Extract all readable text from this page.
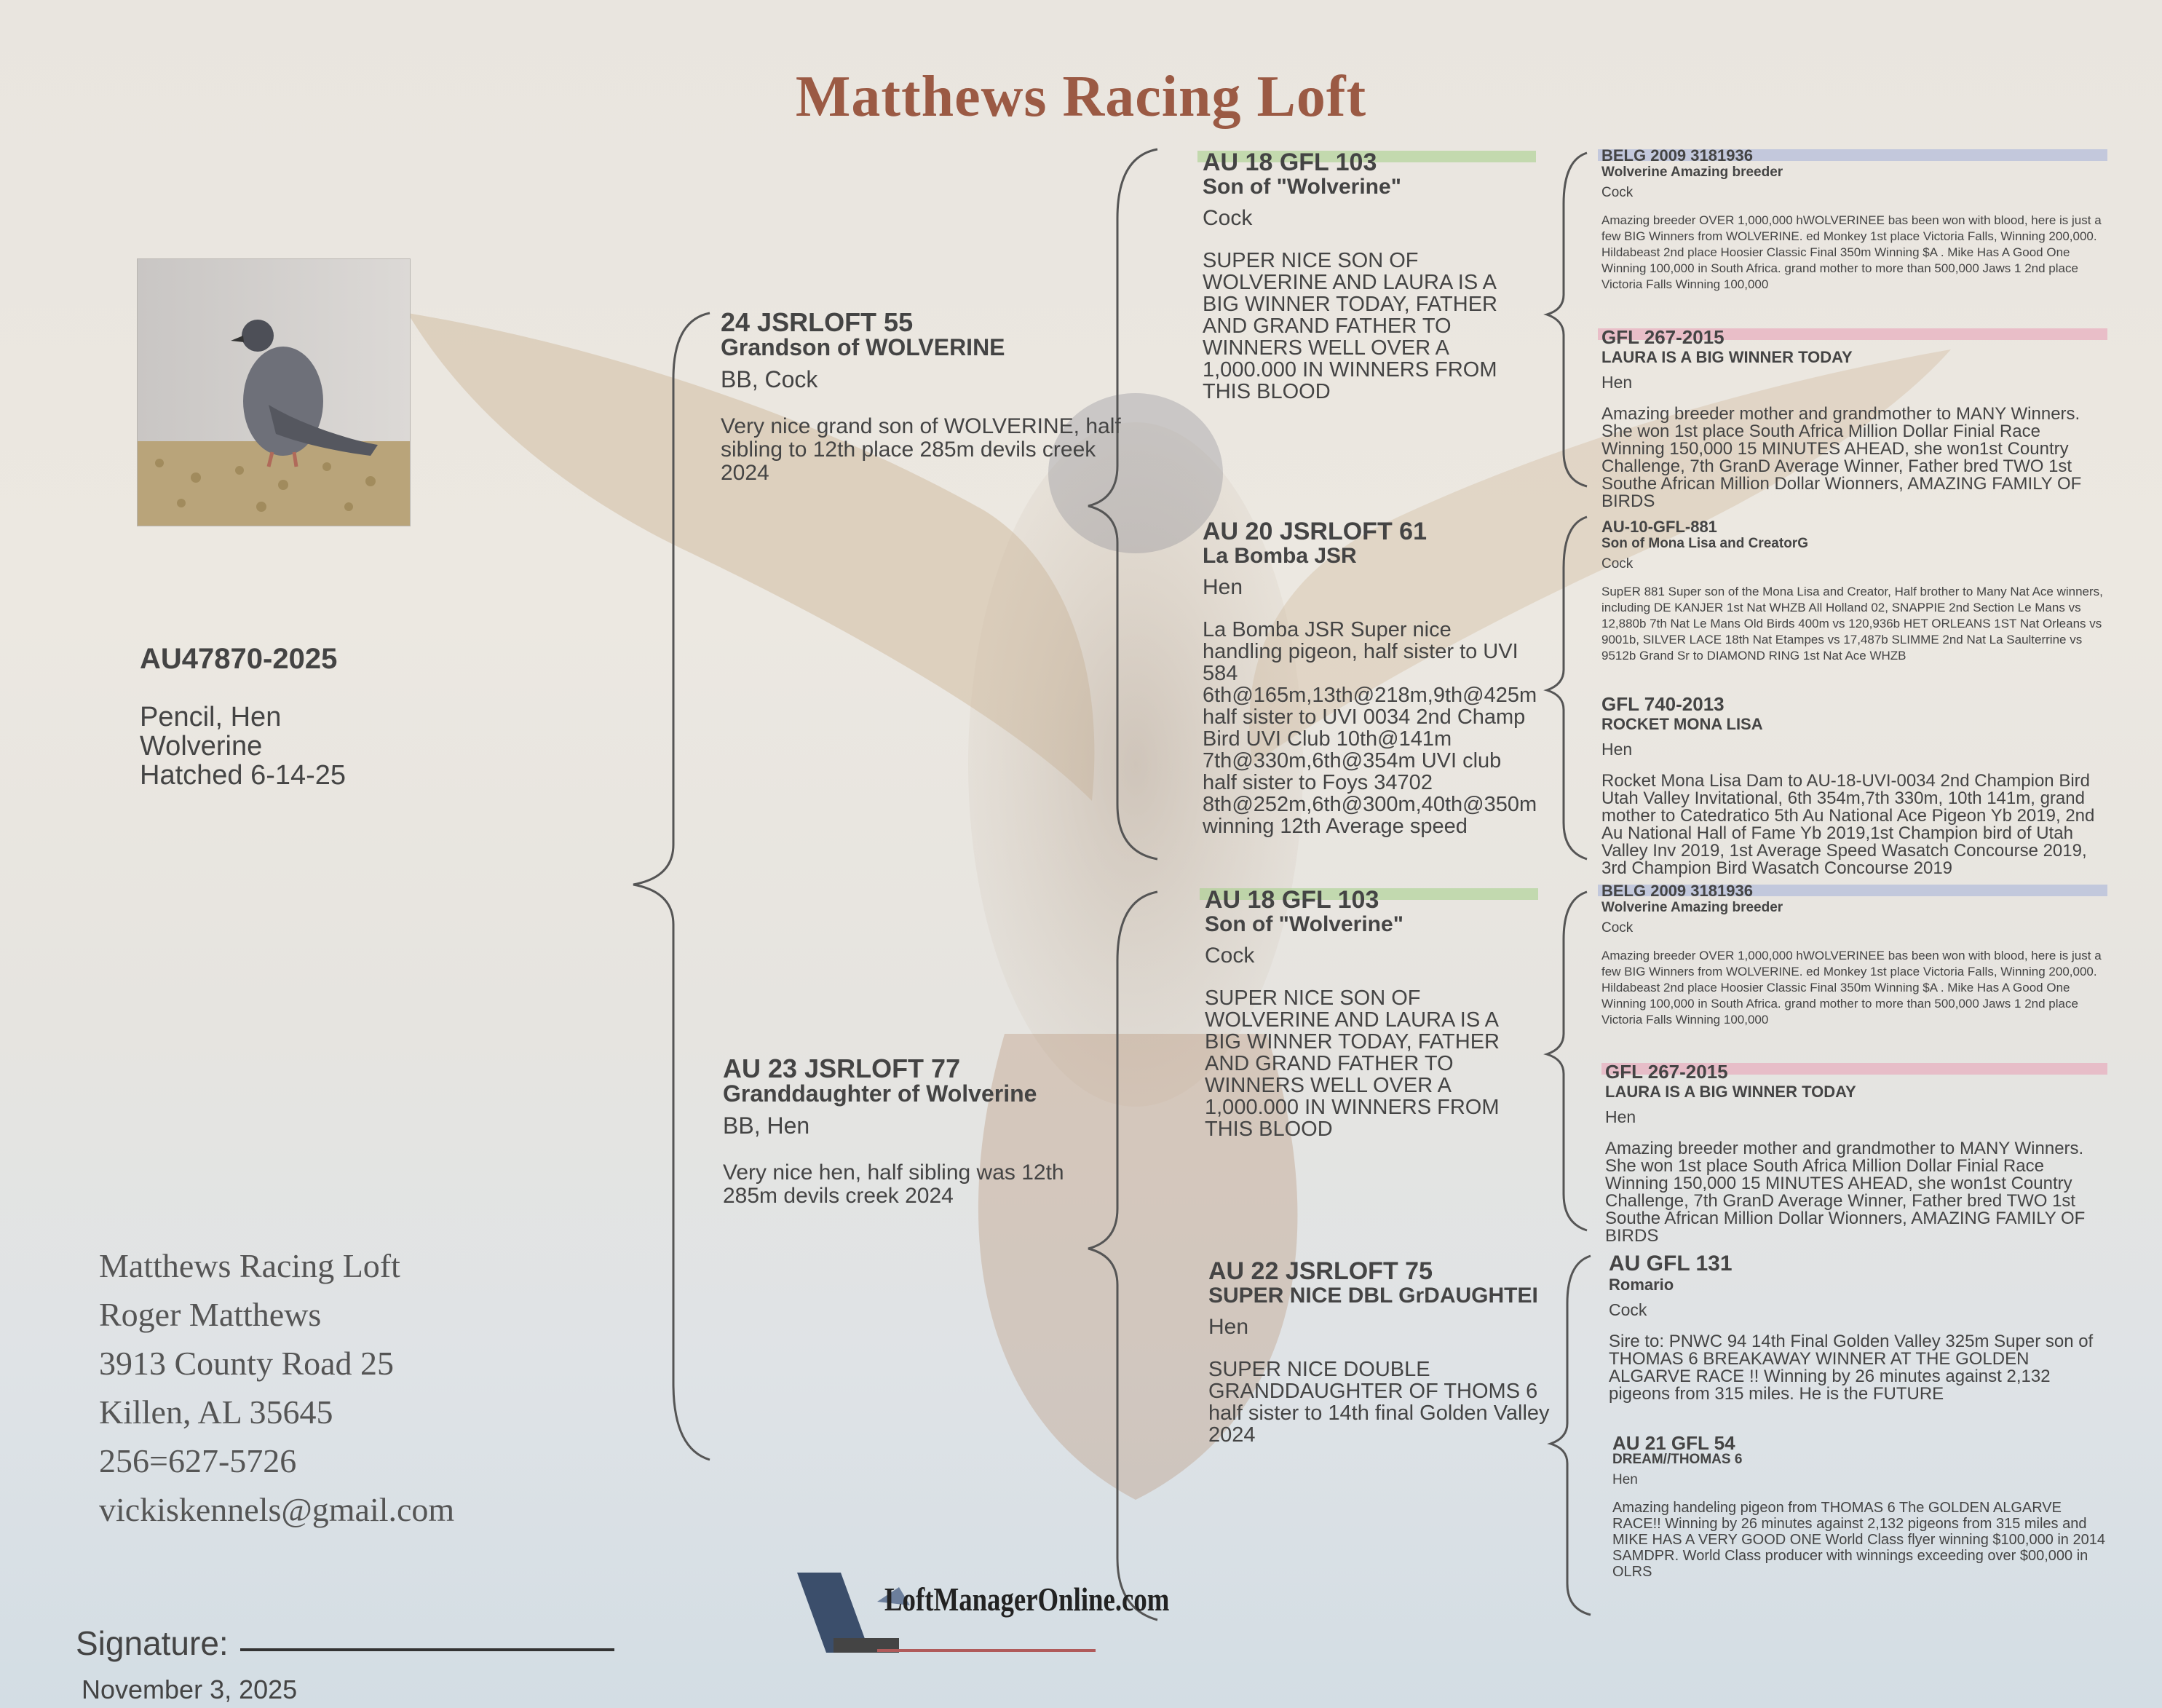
Matthews Racing Loft
AU47870-2025
Pencil, Hen
Wolverine
Hatched 6-14-25
24 JSRLOFT 55
Grandson of WOLVERINE
BB, Cock
Very nice grand son of WOLVERINE, half sibling to 12th place 285m devils creek 2024
AU 23 JSRLOFT 77
Granddaughter of Wolverine
BB, Hen
Very nice hen, half sibling was 12th 285m devils creek 2024
AU 18 GFL 103
Son of "Wolverine"
Cock
SUPER NICE SON OF WOLVERINE AND LAURA IS A BIG WINNER TODAY, FATHER AND GRAND FATHER TO WINNERS WELL OVER A 1,000.000 IN WINNERS FROM THIS BLOOD
AU 20 JSRLOFT 61
La Bomba JSR
Hen
La Bomba JSR Super nice handling pigeon, half sister to UVI 584 6th@165m,13th@218m,9th@425m half sister to UVI 0034 2nd Champ Bird UVI Club 10th@141m 7th@330m,6th@354m UVI club half sister to Foys 34702 8th@252m,6th@300m,40th@350m winning 12th Average speed
AU 18 GFL 103
Son of "Wolverine"
Cock
SUPER NICE SON OF WOLVERINE AND LAURA IS A BIG WINNER TODAY, FATHER AND GRAND FATHER TO WINNERS WELL OVER A 1,000.000 IN WINNERS FROM THIS BLOOD
AU 22 JSRLOFT 75
SUPER NICE DBL GrDAUGHTEI
Hen
SUPER NICE DOUBLE GRANDDAUGHTER OF THOMS 6 half sister to 14th final Golden Valley 2024
BELG 2009 3181936
Wolverine Amazing breeder
Cock
Amazing breeder OVER 1,000,000 hWOLVERINEE bas been won with blood, here is just a few BIG Winners from WOLVERINE. ed Monkey 1st place Victoria Falls, Winning 200,000. Hildabeast 2nd place Hoosier Classic Final 350m Winning $A . Mike Has A Good One Winning 100,000 in South Africa. grand mother to more than 500,000 Jaws 1 2nd place Victoria Falls Winning 100,000
GFL 267-2015
LAURA IS A BIG WINNER TODAY
Hen
Amazing breeder mother and grandmother to MANY Winners. She won 1st place South Africa Million Dollar Finial Race Winning 150,000 15 MINUTES AHEAD, she won1st Country Challenge, 7th GranD Average Winner, Father bred TWO 1st Southe African Million Dollar Wionners, AMAZING FAMILY OF BIRDS
AU-10-GFL-881
Son of Mona Lisa and CreatorG
Cock
SupER 881 Super son of the Mona Lisa and Creator, Half brother to Many Nat Ace winners, including DE KANJER 1st Nat WHZB All Holland 02, SNAPPIE 2nd Section Le Mans vs 12,880b 7th Nat Le Mans Old Birds 400m vs 120,936b HET ORLEANS 1ST Nat Orleans vs 9001b, SILVER LACE 18th Nat Etampes vs 17,487b SLIMME 2nd Nat La Saulterrine vs 9512b Grand Sr to DIAMOND RING 1st Nat Ace WHZB
GFL 740-2013
ROCKET MONA LISA
Hen
Rocket Mona Lisa Dam to AU-18-UVI-0034 2nd Champion Bird Utah Valley Invitational, 6th 354m,7th 330m, 10th 141m, grand mother to Catedratico 5th Au National Ace Pigeon Yb 2019, 2nd Au National Hall of Fame Yb 2019,1st Champion bird of Utah Valley Inv 2019, 1st Average Speed Wasatch Concourse 2019, 3rd Champion Bird Wasatch Concourse 2019
BELG 2009 3181936
Wolverine Amazing breeder
Cock
Amazing breeder OVER 1,000,000 hWOLVERINEE bas been won with blood, here is just a few BIG Winners from WOLVERINE. ed Monkey 1st place Victoria Falls, Winning 200,000. Hildabeast 2nd place Hoosier Classic Final 350m Winning $A . Mike Has A Good One Winning 100,000 in South Africa. grand mother to more than 500,000 Jaws 1 2nd place Victoria Falls Winning 100,000
GFL 267-2015
LAURA IS A BIG WINNER TODAY
Hen
Amazing breeder mother and grandmother to MANY Winners. She won 1st place South Africa Million Dollar Finial Race Winning 150,000 15 MINUTES AHEAD, she won1st Country Challenge, 7th GranD Average Winner, Father bred TWO 1st Southe African Million Dollar Wionners, AMAZING FAMILY OF BIRDS
AU GFL 131
Romario
Cock
Sire to: PNWC 94 14th Final Golden Valley 325m Super son of THOMAS 6 BREAKAWAY WINNER AT THE GOLDEN ALGARVE RACE !! Winning by 26 minutes against 2,132 pigeons from 315 miles. He is the FUTURE
AU 21 GFL 54
DREAM//THOMAS 6
Hen
Amazing handeling pigeon from THOMAS 6 The GOLDEN ALGARVE RACE!! Winning by 26 minutes against 2,132 pigeons from 315 miles and MIKE HAS A VERY GOOD ONE World Class flyer winning $100,000 in 2014 SAMDPR. World Class producer with winnings exceeding over $00,000 in OLRS
Matthews Racing Loft
Roger Matthews
3913 County Road 25
Killen, AL 35645
256=627-5726
vickiskennels@gmail.com
Signature:
November 3, 2025
LoftManagerOnline.com
